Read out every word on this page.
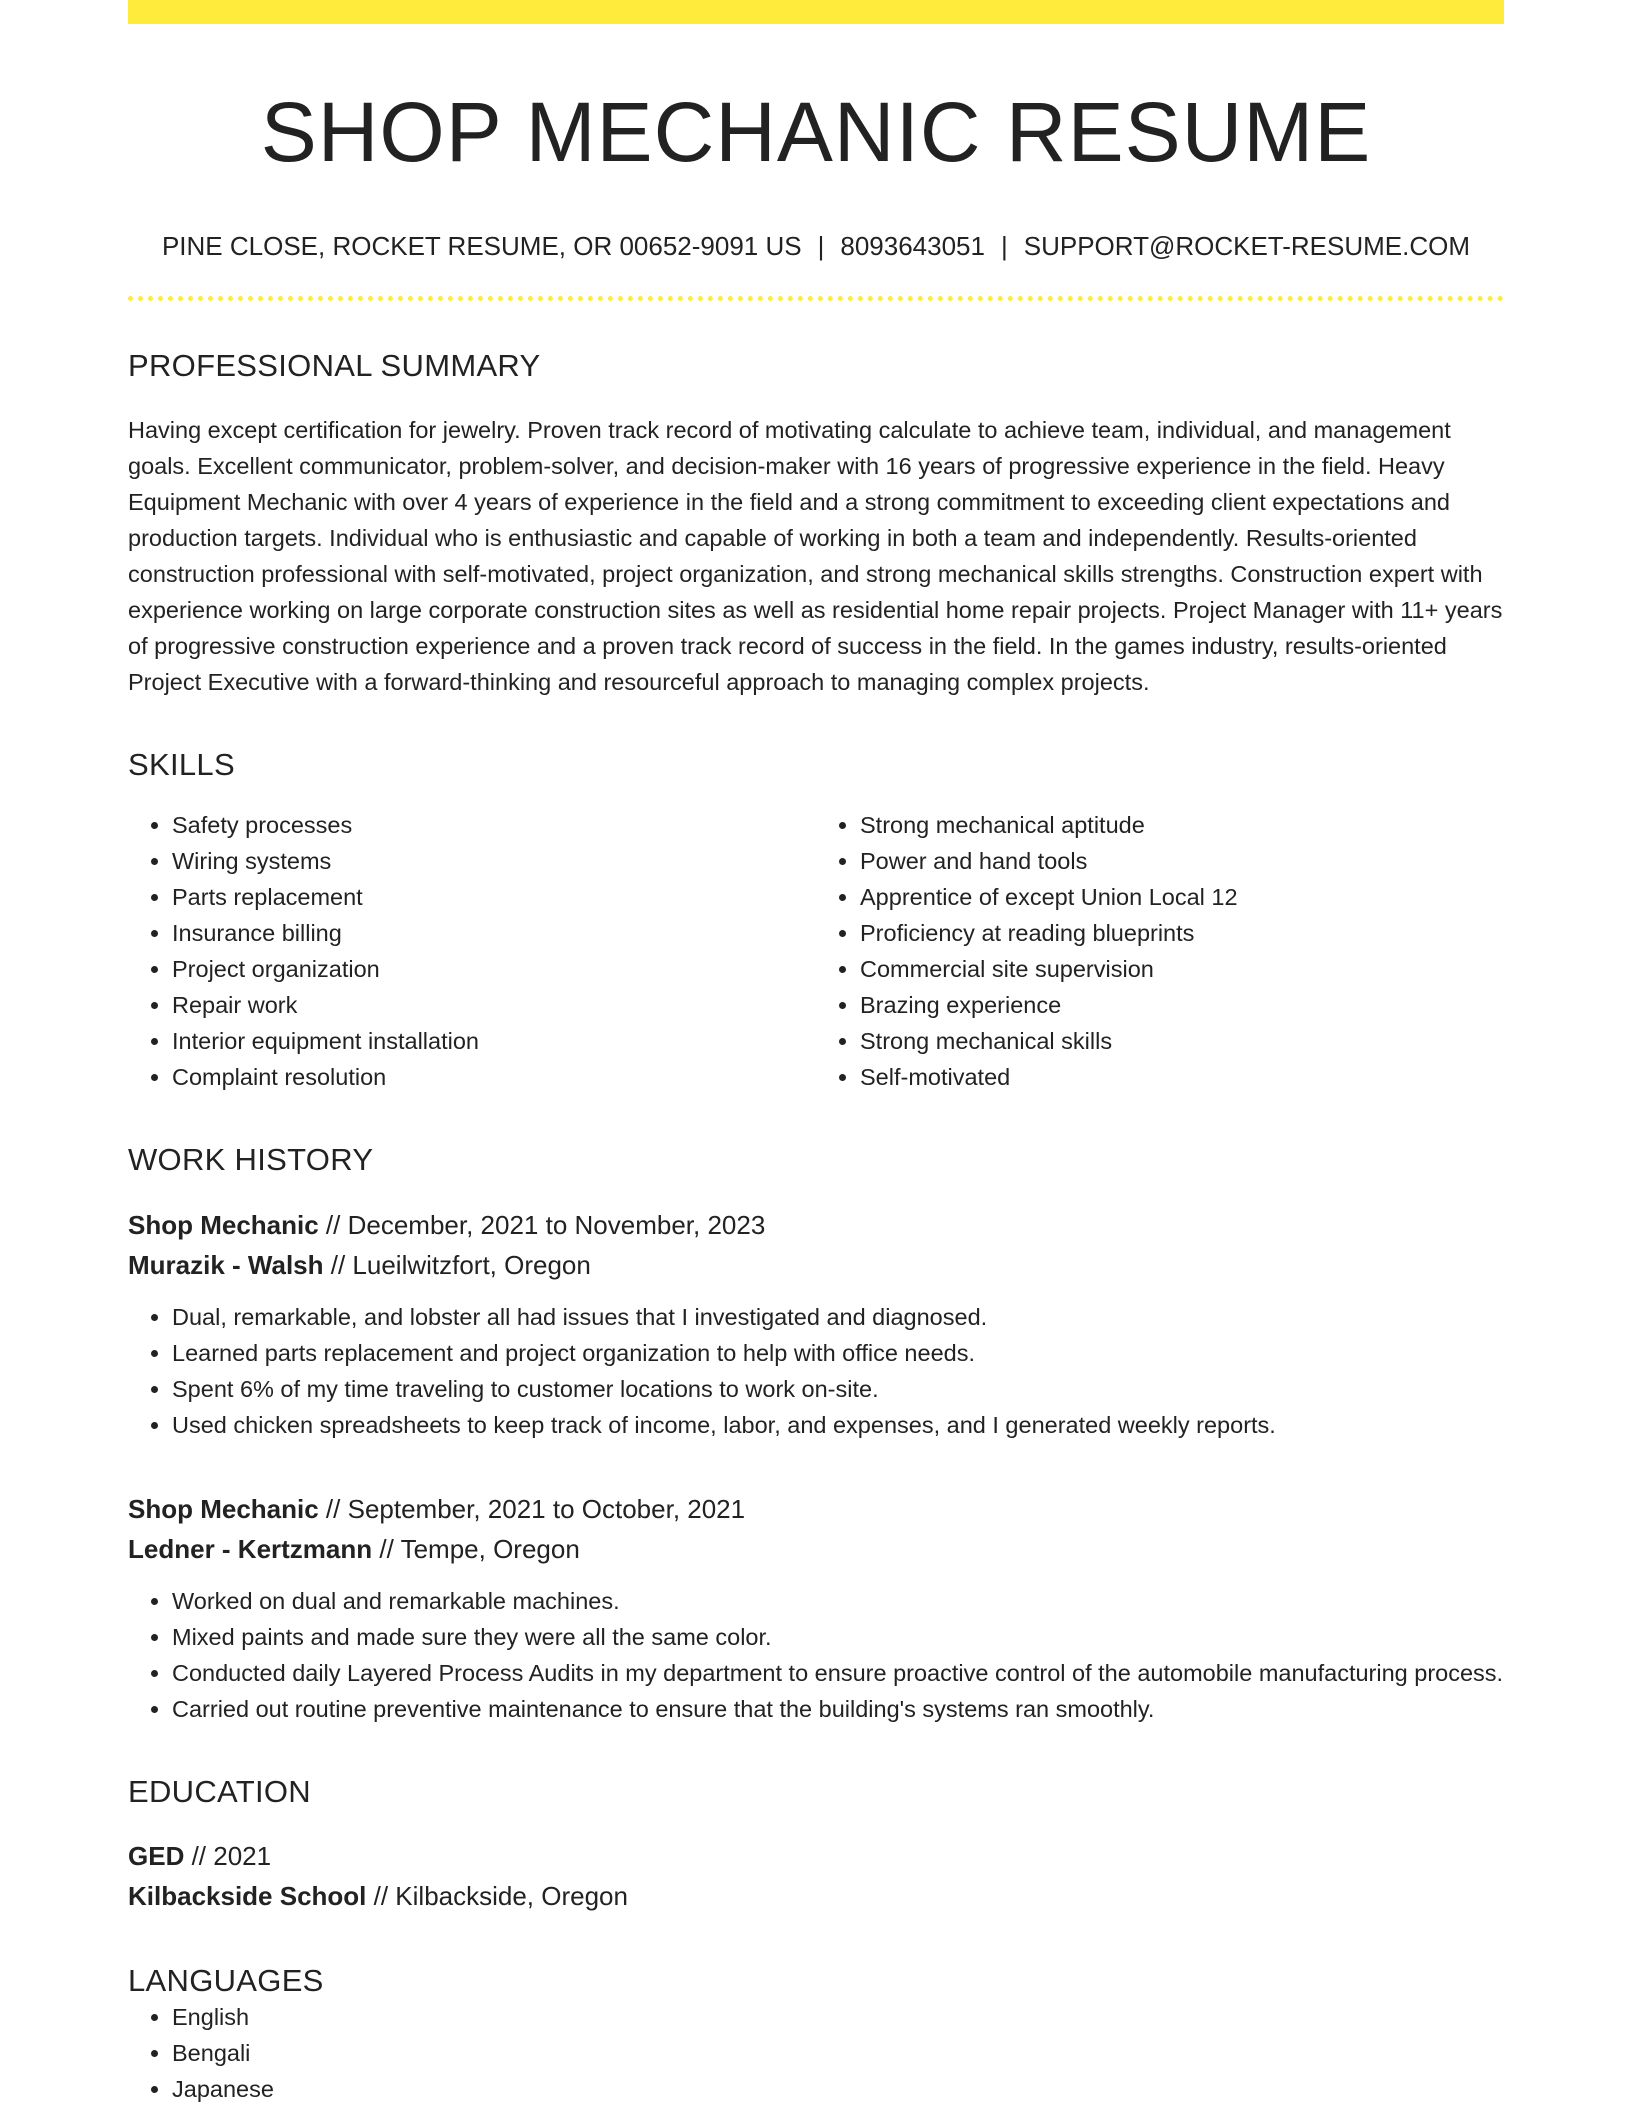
SHOP MECHANIC RESUME
PINE CLOSE, ROCKET RESUME, OR 00652-9091 US | 8093643051 | SUPPORT@ROCKET-RESUME.COM
PROFESSIONAL SUMMARY

Having except certification for jewelry. Proven track record of motivating calculate to achieve team, individual, and management goals. Excellent communicator, problem-solver, and decision-maker with 16 years of progressive experience in the field. Heavy Equipment Mechanic with over 4 years of experience in the field and a strong commitment to exceeding client expectations and production targets. Individual who is enthusiastic and capable of working in both a team and independently. Results-oriented construction professional with self-motivated, project organization, and strong mechanical skills strengths. Construction expert with experience working on large corporate construction sites as well as residential home repair projects. Project Manager with 11+ years of progressive construction experience and a proven track record of success in the field. In the games industry, results-oriented Project Executive with a forward-thinking and resourceful approach to managing complex projects.

SKILLS
• Safety processes
• Wiring systems
• Parts replacement
• Insurance billing
• Project organization
• Repair work
• Interior equipment installation
• Complaint resolution
• Strong mechanical aptitude
• Power and hand tools
• Apprentice of except Union Local 12
• Proficiency at reading blueprints
• Commercial site supervision
• Brazing experience
• Strong mechanical skills
• Self-motivated
WORK HISTORY
Shop Mechanic // December, 2021 to November, 2023
Murazik - Walsh // Lueilwitzfort, Oregon
• Dual, remarkable, and lobster all had issues that I investigated and diagnosed.
• Learned parts replacement and project organization to help with office needs.
• Spent 6% of my time traveling to customer locations to work on-site.
• Used chicken spreadsheets to keep track of income, labor, and expenses, and I generated weekly reports.
Shop Mechanic // September, 2021 to October, 2021
Ledner - Kertzmann // Tempe, Oregon
• Worked on dual and remarkable machines.
• Mixed paints and made sure they were all the same color.
• Conducted daily Layered Process Audits in my department to ensure proactive control of the automobile manufacturing process.
• Carried out routine preventive maintenance to ensure that the building's systems ran smoothly.
EDUCATION
GED // 2021
Kilbackside School // Kilbackside, Oregon
LANGUAGES
• English
• Bengali
• Japanese
